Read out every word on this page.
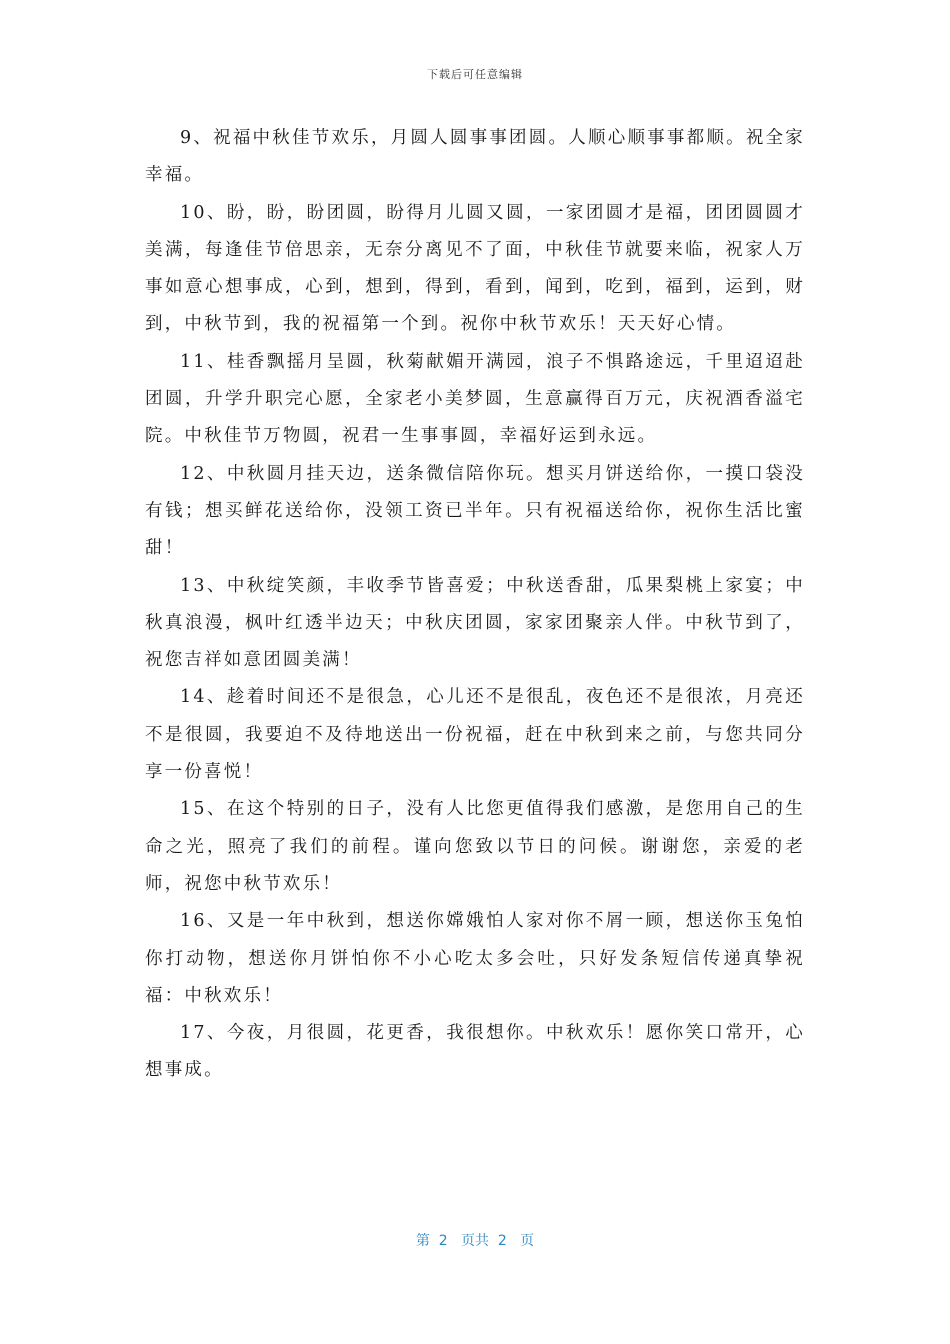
下载后可任意编辑

9、祝福中秋佳节欢乐，月圆人圆事事团圆。人顺心顺事事都顺。祝全家幸福。

10、盼，盼，盼团圆，盼得月儿圆又圆，一家团圆才是福，团团圆圆才美满，每逢佳节倍思亲，无奈分离见不了面，中秋佳节就要来临，祝家人万事如意心想事成，心到，想到，得到，看到，闻到，吃到，福到，运到，财到，中秋节到，我的祝福第一个到。祝你中秋节欢乐！天天好心情。

11、桂香飘摇月呈圆，秋菊献媚开满园，浪子不惧路途远，千里迢迢赴团圆，升学升职完心愿，全家老小美梦圆，生意赢得百万元，庆祝酒香溢宅院。中秋佳节万物圆，祝君一生事事圆，幸福好运到永远。

12、中秋圆月挂天边，送条微信陪你玩。想买月饼送给你，一摸口袋没有钱；想买鲜花送给你，没领工资已半年。只有祝福送给你，祝你生活比蜜甜！

13、中秋绽笑颜，丰收季节皆喜爱；中秋送香甜，瓜果梨桃上家宴；中秋真浪漫，枫叶红透半边天；中秋庆团圆，家家团聚亲人伴。中秋节到了，祝您吉祥如意团圆美满！

14、趁着时间还不是很急，心儿还不是很乱，夜色还不是很浓，月亮还不是很圆，我要迫不及待地送出一份祝福，赶在中秋到来之前，与您共同分享一份喜悦！

15、在这个特别的日子，没有人比您更值得我们感激，是您用自己的生命之光，照亮了我们的前程。谨向您致以节日的问候。谢谢您，亲爱的老师，祝您中秋节欢乐！

16、又是一年中秋到，想送你嫦娥怕人家对你不屑一顾，想送你玉兔怕你打动物，想送你月饼怕你不小心吃太多会吐，只好发条短信传递真挚祝福：中秋欢乐！

17、今夜，月很圆，花更香，我很想你。中秋欢乐！愿你笑口常开，心想事成。

第  2   页共  2   页
